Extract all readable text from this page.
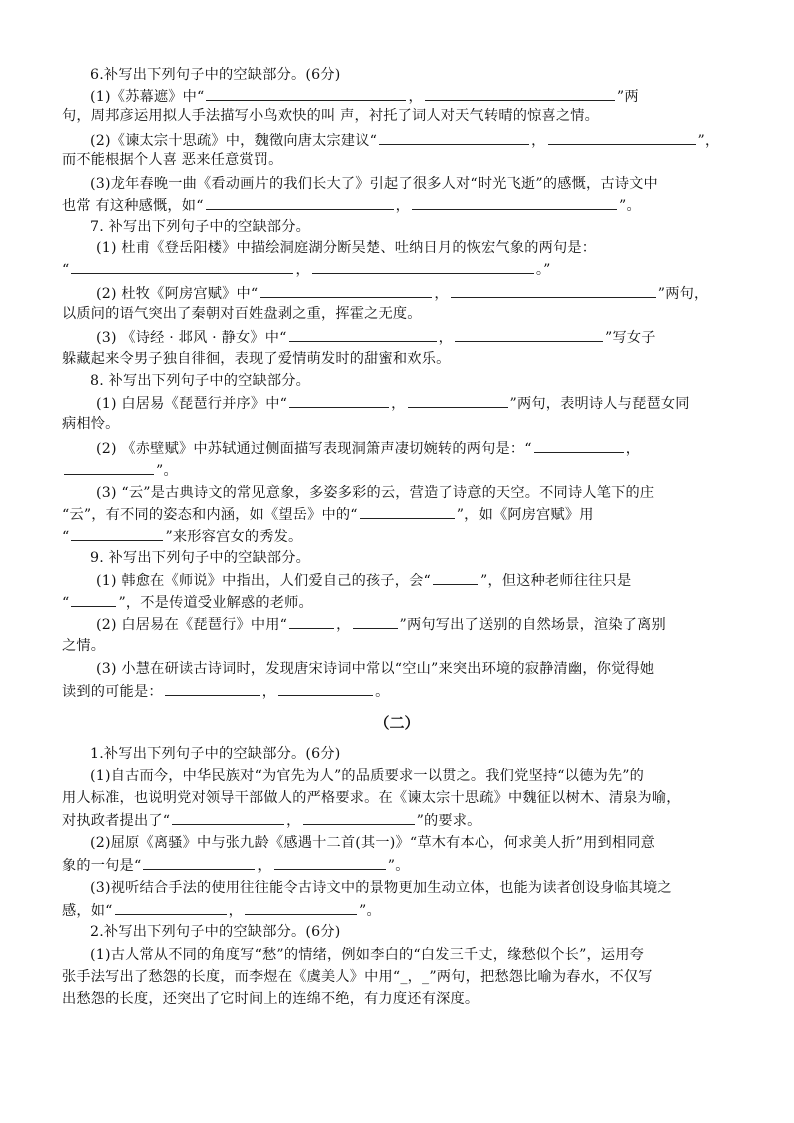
6.补写出下列句子中的空缺部分。(6分)
(1)《苏幕遮》中“	，	”两
句，周邦彦运用拟人手法描写小鸟欢快的叫 声，衬托了词人对天气转晴的惊喜之情。
(2)《谏太宗十思疏》中，魏徵向唐太宗建议“	，	”，
而不能根据个人喜 恶来任意赏罚。
(3)龙年春晚一曲《看动画片的我们长大了》引起了很多人对“时光飞逝”的感慨，古诗文中
也常 有这种感慨，如“	，	”。
7. 补写出下列句子中的空缺部分。
(1) 杜甫《登岳阳楼》中描绘洞庭湖分断吴楚、吐纳日月的恢宏气象的两句是：
“	，	。”
(2) 杜牧《阿房宫赋》中“	，	”两句，
以质问的语气突出了秦朝对百姓盘剥之重，挥霍之无度。
(3) 《诗经 · 邶风 · 静女》中“	，	”写女子
躲藏起来令男子独自徘徊，表现了爱情萌发时的甜蜜和欢乐。
8. 补写出下列句子中的空缺部分。
(1) 白居易《琵琶行并序》中“	，	”两句，表明诗人与琵琶女同
病相怜。
(2) 《赤壁赋》中苏轼通过侧面描写表现洞箫声凄切婉转的两句是：“	，
”。
(3) “云”是古典诗文的常见意象，多姿多彩的云，营造了诗意的天空。不同诗人笔下的庄
“云”，有不同的姿态和内涵，如《望岳》中的“	”，如《阿房宫赋》用
“	”来形容宫女的秀发。
9. 补写出下列句子中的空缺部分。
(1) 韩愈在《师说》中指出，人们爱自己的孩子，会“	”，但这种老师往往只是
“	”，不是传道受业解惑的老师。
(2) 白居易在《琵琶行》中用“	，	”两句写出了送别的自然场景，渲染了离别
之情。
(3) 小慧在研读古诗词时，发现唐宋诗词中常以“空山”来突出环境的寂静清幽，你觉得她
读到的可能是：	，	。
（二）
1.补写出下列句子中的空缺部分。(6分)
(1)自古而今，中华民族对“为官先为人”的品质要求一以贯之。我们党坚持“以德为先”的
用人标准，也说明党对领导干部做人的严格要求。在《谏太宗十思疏》中魏征以树木、清泉为喻，
对执政者提出了“	，	”的要求。
(2)屈原《离骚》中与张九龄《感遇十二首(其一)》“草木有本心，何求美人折”用到相同意
象的一句是“	，	”。
(3)视听结合手法的使用往往能令古诗文中的景物更加生动立体，也能为读者创设身临其境之
感，如“	，	”。
2.补写出下列句子中的空缺部分。(6分)
(1)古人常从不同的角度写“愁”的情绪，例如李白的“白发三千丈，缘愁似个长”，运用夸
张手法写出了愁怨的长度，而李煜在《虞美人》中用“_，_”两句，把愁怨比喻为春水，不仅写
出愁怨的长度，还突出了它时间上的连绵不绝，有力度还有深度。
